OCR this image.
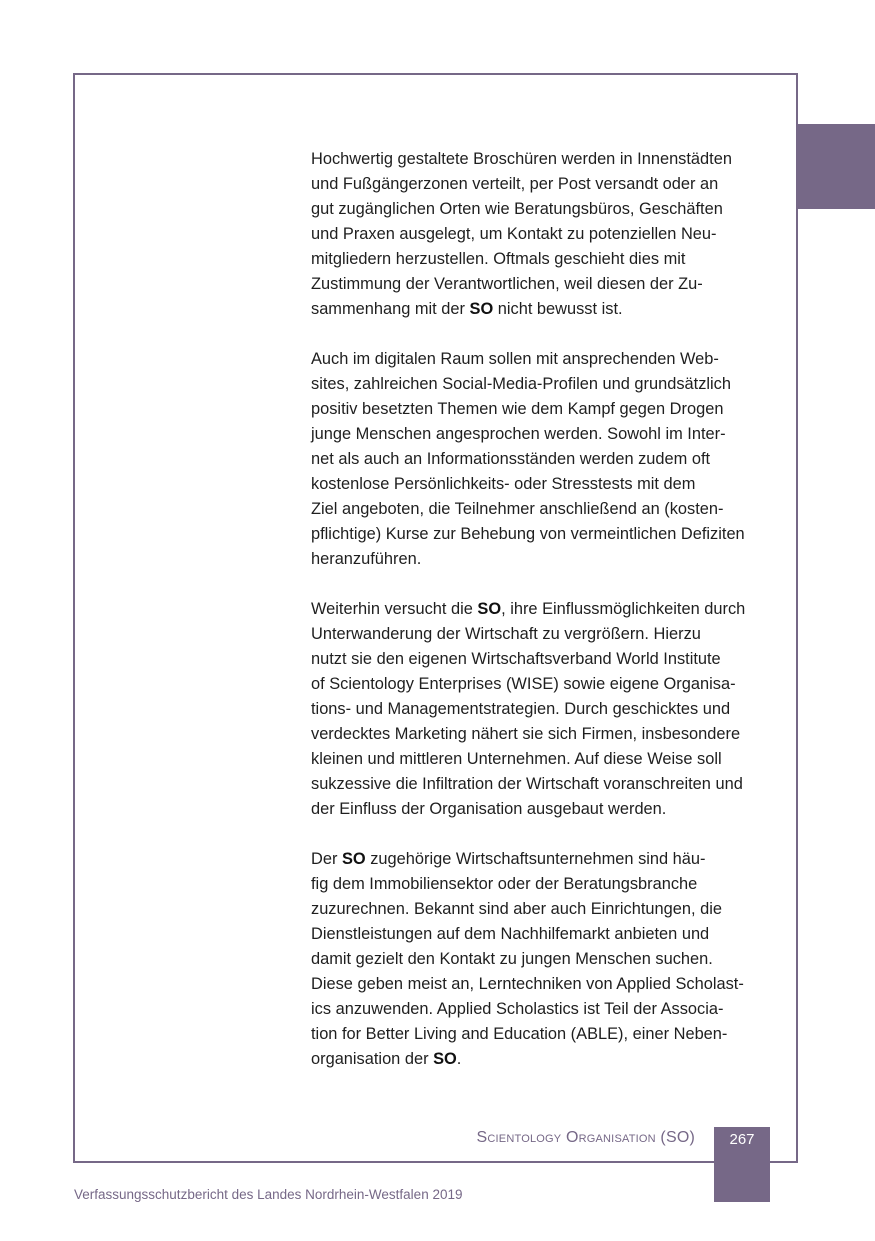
Hochwertig gestaltete Broschüren werden in Innenstädten
und Fußgängerzonen verteilt, per Post versandt oder an
gut zugänglichen Orten wie Beratungsbüros, Geschäften
und Praxen ausgelegt, um Kontakt zu potenziellen Neu-
mitgliedern herzustellen. Oftmals geschieht dies mit
Zustimmung der Verantwortlichen, weil diesen der Zu-
sammenhang mit der SO nicht bewusst ist.

Auch im digitalen Raum sollen mit ansprechenden Web-
sites, zahlreichen Social-Media-Profilen und grundsätzlich
positiv besetzten Themen wie dem Kampf gegen Drogen
junge Menschen angesprochen werden. Sowohl im Inter-
net als auch an Informationsständen werden zudem oft
kostenlose Persönlichkeits- oder Stresstests mit dem
Ziel angeboten, die Teilnehmer anschließend an (kosten-
pflichtige) Kurse zur Behebung von vermeintlichen Defiziten
heranzuführen.

Weiterhin versucht die SO, ihre Einflussmöglichkeiten durch
Unterwanderung der Wirtschaft zu vergrößern. Hierzu
nutzt sie den eigenen Wirtschaftsverband World Institute
of Scientology Enterprises (WISE) sowie eigene Organisa-
tions- und Managementstrategien. Durch geschicktes und
verdecktes Marketing nähert sie sich Firmen, insbesondere
kleinen und mittleren Unternehmen. Auf diese Weise soll
sukzessive die Infiltration der Wirtschaft voranschreiten und
der Einfluss der Organisation ausgebaut werden.

Der SO zugehörige Wirtschaftsunternehmen sind häu-
fig dem Immobiliensektor oder der Beratungsbranche
zuzurechnen. Bekannt sind aber auch Einrichtungen, die
Dienstleistungen auf dem Nachhilfemarkt anbieten und
damit gezielt den Kontakt zu jungen Menschen suchen.
Diese geben meist an, Lerntechniken von Applied Scholast-
ics anzuwenden. Applied Scholastics ist Teil der Associa-
tion for Better Living and Education (ABLE), einer Neben-
organisation der SO.

Scientology Organisation (SO)	267
Verfassungsschutzbericht des Landes Nordrhein-Westfalen 2019
